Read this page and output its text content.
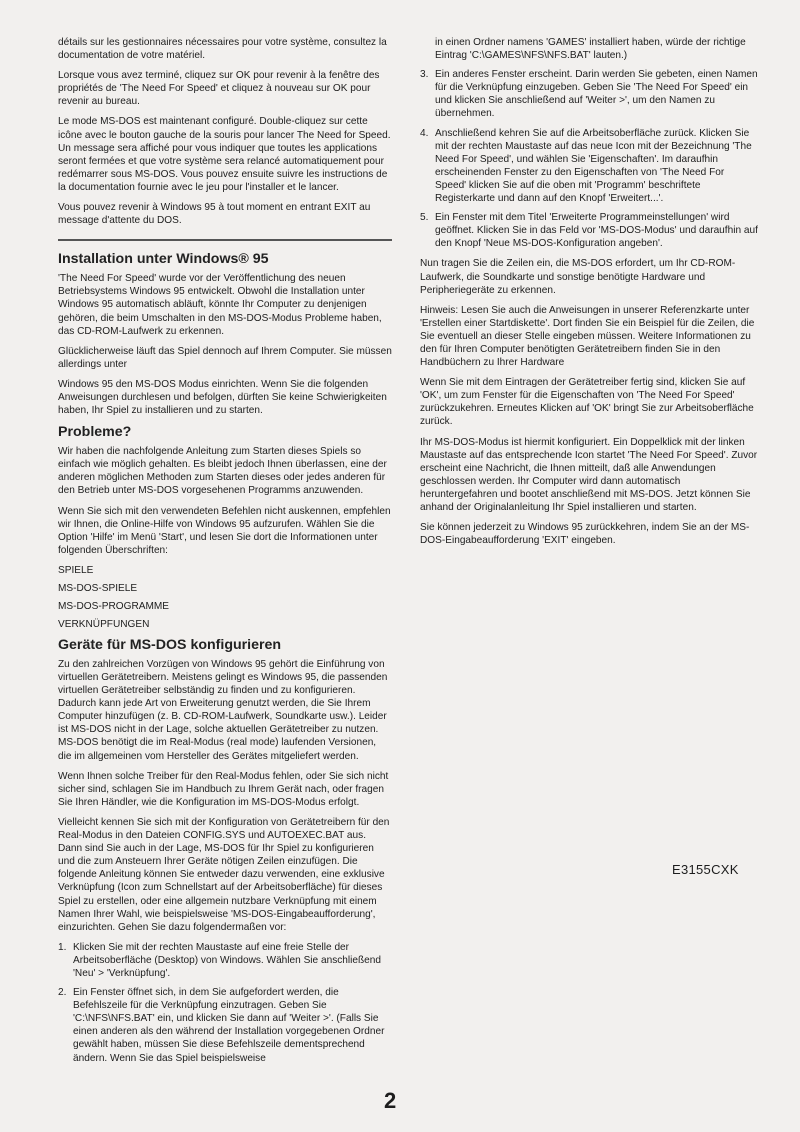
détails sur les gestionnaires nécessaires pour votre système, consultez la documentation de votre matériel.

Lorsque vous avez terminé, cliquez sur OK pour revenir à la fenêtre des propriétés de 'The Need For Speed' et cliquez à nouveau sur OK pour revenir au bureau.

Le mode MS-DOS est maintenant configuré. Double-cliquez sur cette icône avec le bouton gauche de la souris pour lancer The Need for Speed. Un message sera affiché pour vous indiquer que toutes les applications seront fermées et que votre système sera relancé automatiquement pour redémarrer sous MS-DOS. Vous pouvez ensuite suivre les instructions de la documentation fournie avec le jeu pour l'installer et le lancer.

Vous pouvez revenir à Windows 95 à tout moment en entrant EXIT au message d'attente du DOS.

Installation unter Windows® 95

'The Need For Speed' wurde vor der Veröffentlichung des neuen Betriebsystems Windows 95 entwickelt. Obwohl die Installation unter Windows 95 automatisch abläuft, könnte Ihr Computer zu denjenigen gehören, die beim Umschalten in den MS-DOS-Modus Probleme haben, das CD-ROM-Laufwerk zu erkennen.

Glücklicherweise läuft das Spiel dennoch auf Ihrem Computer. Sie müssen allerdings unter

Windows 95 den MS-DOS Modus einrichten. Wenn Sie die folgenden Anweisungen durchlesen und befolgen, dürften Sie keine Schwierigkeiten haben, Ihr Spiel zu installieren und zu starten.

Probleme?

Wir haben die nachfolgende Anleitung zum Starten dieses Spiels so einfach wie möglich gehalten. Es bleibt jedoch Ihnen überlassen, eine der anderen möglichen Methoden zum Starten dieses oder jedes anderen für den Betrieb unter MS-DOS vorgesehenen Programms anzuwenden.

Wenn Sie sich mit den verwendeten Befehlen nicht auskennen, empfehlen wir Ihnen, die Online-Hilfe von Windows 95 aufzurufen. Wählen Sie die Option 'Hilfe' im Menü 'Start', und lesen Sie dort die Informationen unter folgenden Überschriften:

SPIELE
MS-DOS-SPIELE
MS-DOS-PROGRAMME
VERKNÜPFUNGEN
Geräte für MS-DOS konfigurieren

Zu den zahlreichen Vorzügen von Windows 95 gehört die Einführung von virtuellen Gerätetreibern. Meistens gelingt es Windows 95, die passenden virtuellen Gerätetreiber selbständig zu finden und zu konfigurieren. Dadurch kann jede Art von Erweiterung genutzt werden, die Sie Ihrem Computer hinzufügen (z. B. CD-ROM-Laufwerk, Soundkarte usw.). Leider ist MS-DOS nicht in der Lage, solche aktuellen Gerätetreiber zu nutzen. MS-DOS benötigt die im Real-Modus (real mode) laufenden Versionen, die im allgemeinen vom Hersteller des Gerätes mitgeliefert werden.

Wenn Ihnen solche Treiber für den Real-Modus fehlen, oder Sie sich nicht sicher sind, schlagen Sie im Handbuch zu Ihrem Gerät nach, oder fragen Sie Ihren Händler, wie die Konfiguration im MS-DOS-Modus erfolgt.

Vielleicht kennen Sie sich mit der Konfiguration von Gerätetreibern für den Real-Modus in den Dateien CONFIG.SYS und AUTOEXEC.BAT aus. Dann sind Sie auch in der Lage, MS-DOS für Ihr Spiel zu konfigurieren und die zum Ansteuern Ihrer Geräte nötigen Zeilen einzufügen. Die folgende Anleitung können Sie entweder dazu verwenden, eine exklusive Verknüpfung (Icon zum Schnellstart auf der Arbeitsoberfläche) für dieses Spiel zu erstellen, oder eine allgemein nutzbare Verknüpfung mit einem Namen Ihrer Wahl, wie beispielsweise 'MS-DOS-Eingabeaufforderung', einzurichten. Gehen Sie dazu folgendermaßen vor:

1. Klicken Sie mit der rechten Maustaste auf eine freie Stelle der Arbeitsoberfläche (Desktop) von Windows. Wählen Sie anschließend 'Neu' > 'Verknüpfung'.
2. Ein Fenster öffnet sich, in dem Sie aufgefordert werden, die Befehlszeile für die Verknüpfung einzutragen. Geben Sie 'C:\NFS\NFS.BAT' ein, und klicken Sie dann auf 'Weiter >'. (Falls Sie einen anderen als den während der Installation vorgegebenen Ordner gewählt haben, müssen Sie diese Befehlszeile dementsprechend ändern. Wenn Sie das Spiel beispielsweise
in einen Ordner namens 'GAMES' installiert haben, würde der richtige Eintrag 'C:\GAMES\NFS\NFS.BAT' lauten.)
3. Ein anderes Fenster erscheint. Darin werden Sie gebeten, einen Namen für die Verknüpfung einzugeben. Geben Sie 'The Need For Speed' ein und klicken Sie anschließend auf 'Weiter >', um den Namen zu übernehmen.
4. Anschließend kehren Sie auf die Arbeitsoberfläche zurück. Klicken Sie mit der rechten Maustaste auf das neue Icon mit der Bezeichnung 'The Need For Speed', und wählen Sie 'Eigenschaften'. Im daraufhin erscheinenden Fenster zu den Eigenschaften von 'The Need For Speed' klicken Sie auf die oben mit 'Programm' beschriftete Registerkarte und dann auf den Knopf 'Erweitert...'.
5. Ein Fenster mit dem Titel 'Erweiterte Programmeinstellungen' wird geöffnet. Klicken Sie in das Feld vor 'MS-DOS-Modus' und daraufhin auf den Knopf 'Neue MS-DOS-Konfiguration angeben'.

Nun tragen Sie die Zeilen ein, die MS-DOS erfordert, um Ihr CD-ROM-Laufwerk, die Soundkarte und sonstige benötigte Hardware und Peripheriegeräte zu erkennen.

Hinweis: Lesen Sie auch die Anweisungen in unserer Referenzkarte unter 'Erstellen einer Startdiskette'. Dort finden Sie ein Beispiel für die Zeilen, die Sie eventuell an dieser Stelle eingeben müssen. Weitere Informationen zu den für Ihren Computer benötigten Gerätetreibern finden Sie in den Handbüchern zu Ihrer Hardware

Wenn Sie mit dem Eintragen der Gerätetreiber fertig sind, klicken Sie auf 'OK', um zum Fenster für die Eigenschaften von 'The Need For Speed' zurückzukehren. Erneutes Klicken auf 'OK' bringt Sie zur Arbeitsoberfläche zurück.

Ihr MS-DOS-Modus ist hiermit konfiguriert. Ein Doppelklick mit der linken Maustaste auf das entsprechende Icon startet 'The Need For Speed'. Zuvor erscheint eine Nachricht, die Ihnen mitteilt, daß alle Anwendungen geschlossen werden. Ihr Computer wird dann automatisch heruntergefahren und bootet anschließend mit MS-DOS. Jetzt können Sie anhand der Originalanleitung Ihr Spiel installieren und starten.

Sie können jederzeit zu Windows 95 zurückkehren, indem Sie an der MS-DOS-Eingabeaufforderung 'EXIT' eingeben.

E3155CXK
2
